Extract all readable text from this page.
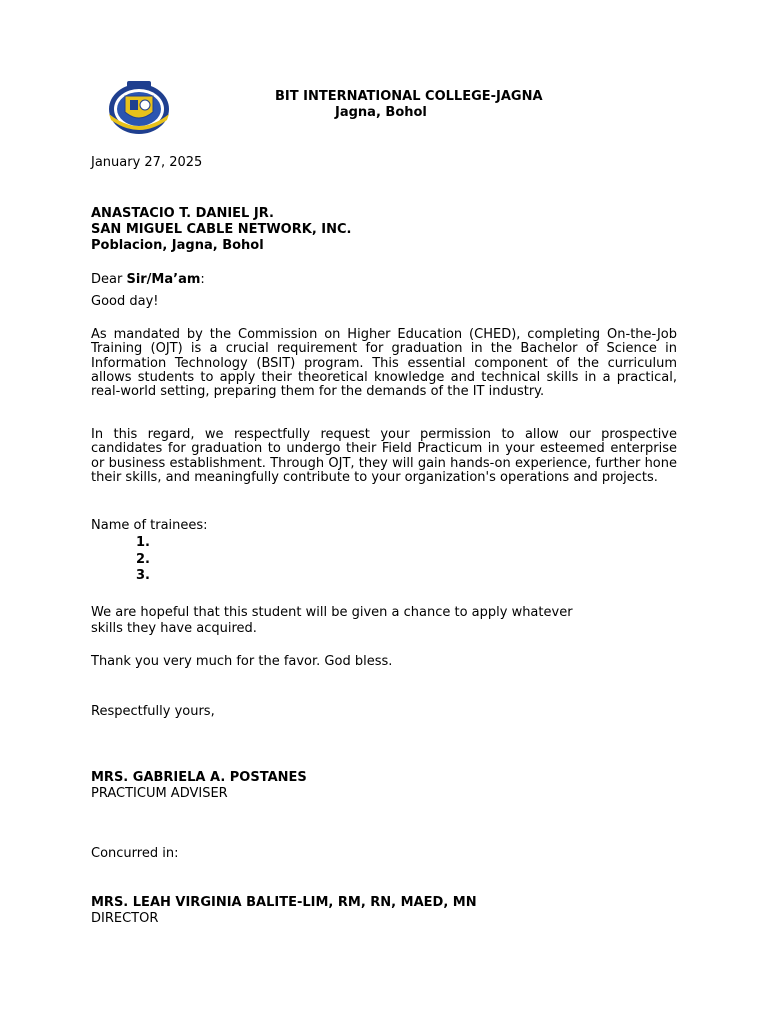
BIT INTERNATIONAL COLLEGE-JAGNA
Jagna, Bohol
January 27, 2025
ANASTACIO T. DANIEL JR.
SAN MIGUEL CABLE NETWORK, INC.
Poblacion, Jagna, Bohol
Dear Sir/Ma’am:
Good day!
As mandated by the Commission on Higher Education (CHED), completing On-the-Job Training (OJT) is a crucial requirement for graduation in the Bachelor of Science in Information Technology (BSIT) program. This essential component of the curriculum allows students to apply their theoretical knowledge and technical skills in a practical, real-world setting, preparing them for the demands of the IT industry.
In this regard, we respectfully request your permission to allow our prospective candidates for graduation to undergo their Field Practicum in your esteemed enterprise or business establishment. Through OJT, they will gain hands-on experience, further hone their skills, and meaningfully contribute to your organization's operations and projects.
Name of trainees:
1.
2.
3.
We are hopeful that this student will be given a chance to apply whatever
skills they have acquired.
Thank you very much for the favor. God bless.
Respectfully yours,
MRS. GABRIELA A. POSTANES
PRACTICUM ADVISER
Concurred in:
MRS. LEAH VIRGINIA BALITE-LIM, RM, RN, MAED, MN
DIRECTOR
